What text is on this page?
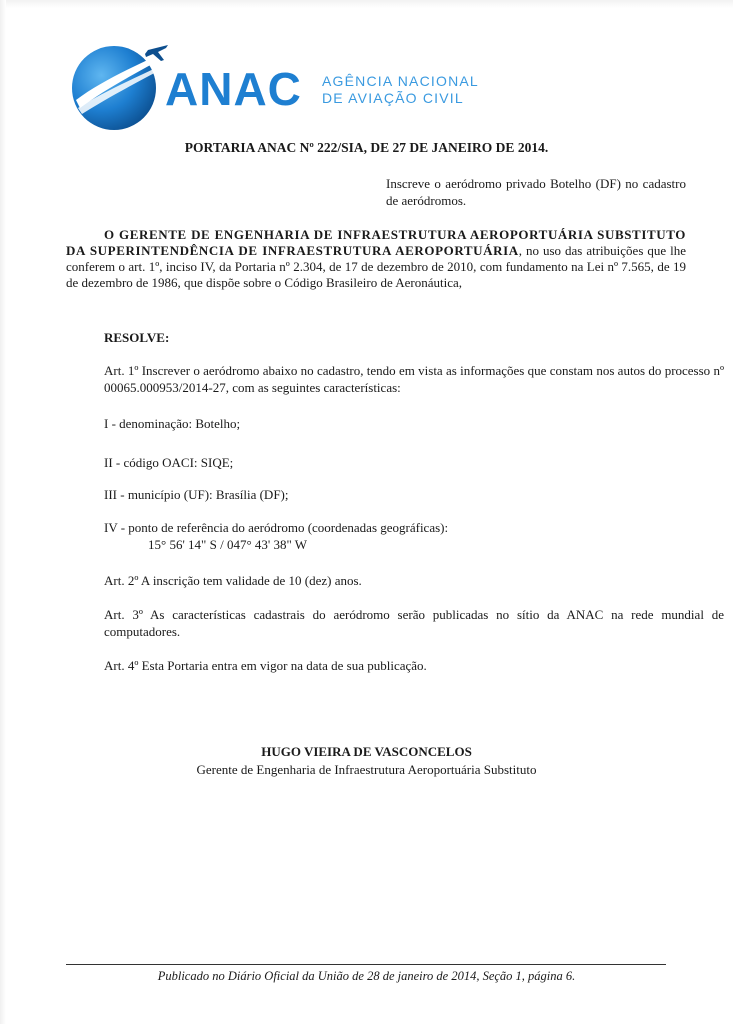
ANAC AGÊNCIA NACIONAL
DE AVIAÇÃO CIVIL
PORTARIA ANAC Nº 222/SIA, DE 27 DE JANEIRO DE 2014.
Inscreve o aeródromo privado Botelho (DF) no cadastro de aeródromos.
O GERENTE DE ENGENHARIA DE INFRAESTRUTURA AEROPORTUÁRIA SUBSTITUTO DA SUPERINTENDÊNCIA DE INFRAESTRUTURA AEROPORTUÁRIA, no uso das atribuições que lhe conferem o art. 1º, inciso IV, da Portaria nº 2.304, de 17 de dezembro de 2010, com fundamento na Lei nº 7.565, de 19 de dezembro de 1986, que dispõe sobre o Código Brasileiro de Aeronáutica,
RESOLVE:
Art. 1º Inscrever o aeródromo abaixo no cadastro, tendo em vista as informações que constam nos autos do processo nº 00065.000953/2014-27, com as seguintes características:
I - denominação: Botelho;
II - código OACI: SIQE;
III - município (UF): Brasília (DF);
IV - ponto de referência do aeródromo (coordenadas geográficas):
15° 56' 14" S / 047° 43' 38" W
Art. 2º A inscrição tem validade de 10 (dez) anos.
Art. 3º As características cadastrais do aeródromo serão publicadas no sítio da ANAC na rede mundial de computadores.
Art. 4º Esta Portaria entra em vigor na data de sua publicação.
HUGO VIEIRA DE VASCONCELOS
Gerente de Engenharia de Infraestrutura Aeroportuária Substituto
Publicado no Diário Oficial da União de 28 de janeiro de 2014, Seção 1, página 6.
